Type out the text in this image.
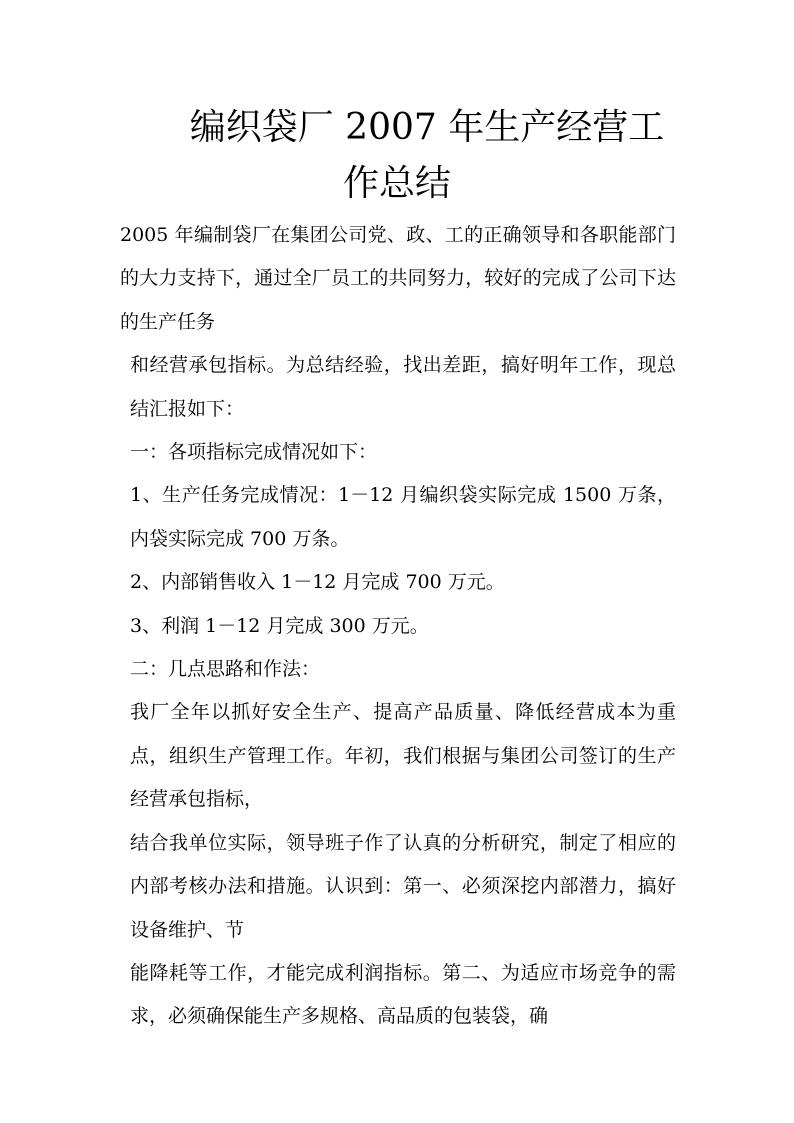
编织袋厂 2007 年生产经营工
作总结

2005 年编制袋厂在集团公司党、政、工的正确领导和各职能部门的大力支持下，通过全厂员工的共同努力，较好的完成了公司下达的生产任务

和经营承包指标。为总结经验，找出差距，搞好明年工作，现总结汇报如下：

一：各项指标完成情况如下：

1、生产任务完成情况：1－12 月编织袋实际完成 1500 万条，内袋实际完成 700 万条。

2、内部销售收入 1－12 月完成 700 万元。

3、利润 1－12 月完成 300 万元。

二：几点思路和作法：

我厂全年以抓好安全生产、提高产品质量、降低经营成本为重点，组织生产管理工作。年初，我们根据与集团公司签订的生产经营承包指标，

结合我单位实际，领导班子作了认真的分析研究，制定了相应的内部考核办法和措施。认识到：第一、必须深挖内部潜力，搞好设备维护、节

能降耗等工作，才能完成利润指标。第二、为适应市场竞争的需求，必须确保能生产多规格、高品质的包装袋，确
